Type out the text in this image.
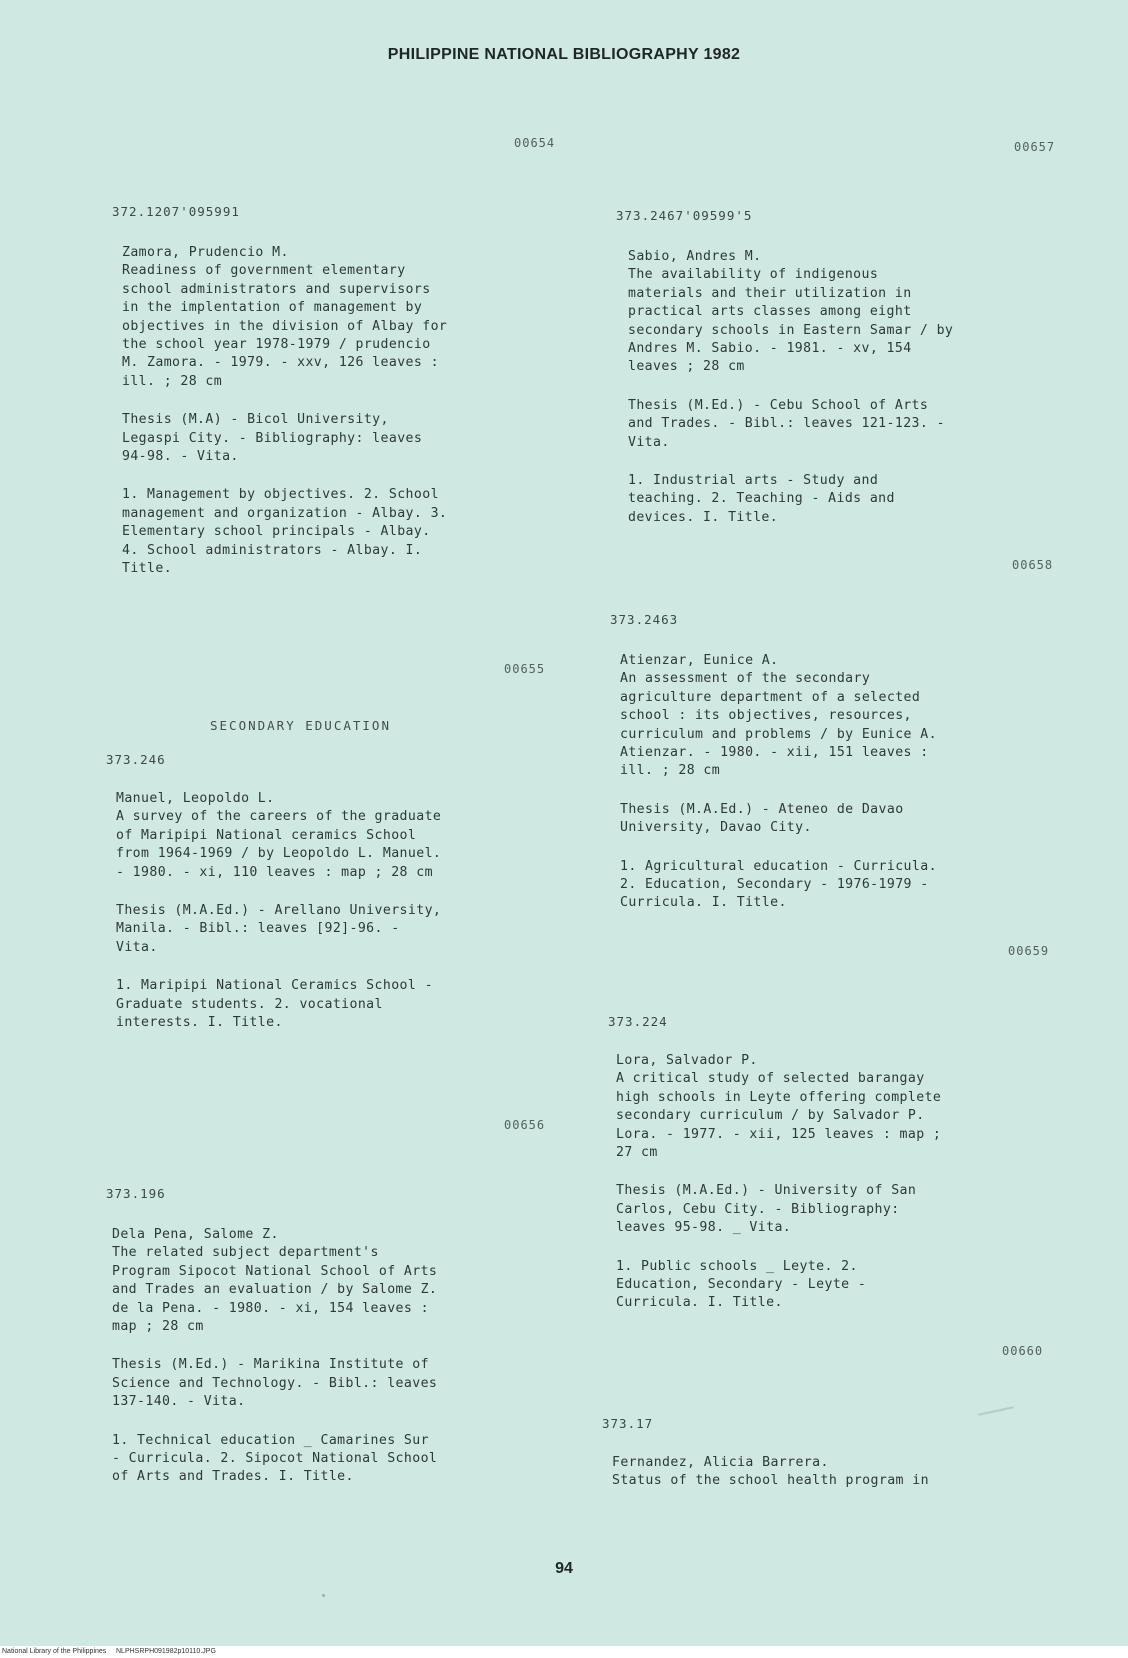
PHILIPPINE NATIONAL BIBLIOGRAPHY 1982
00654
372.1207'095991
Zamora, Prudencio M.
Readiness of government elementary
school administrators and supervisors
in the implentation of management by
objectives in the division of Albay for
the school year 1978-1979 / prudencio
M. Zamora. - 1979. - xxv, 126 leaves :
ill. ; 28 cm
Thesis (M.A) - Bicol University,
Legaspi City. - Bibliography: leaves
94-98. - Vita.
1. Management by objectives. 2. School
management and organization - Albay. 3.
Elementary school principals - Albay.
4. School administrators - Albay. I.
Title.
00655
SECONDARY EDUCATION
373.246
Manuel, Leopoldo L.
A survey of the careers of the graduate
of Maripipi National ceramics School
from 1964-1969 / by Leopoldo L. Manuel.
- 1980. - xi, 110 leaves : map ; 28 cm
Thesis (M.A.Ed.) - Arellano University,
Manila. - Bibl.: leaves [92]-96. -
Vita.
1. Maripipi National Ceramics School -
Graduate students. 2. vocational
interests. I. Title.
00656
373.196
Dela Pena, Salome Z.
The related subject department's
Program Sipocot National School of Arts
and Trades an evaluation / by Salome Z.
de la Pena. - 1980. - xi, 154 leaves :
map ; 28 cm
Thesis (M.Ed.) - Marikina Institute of
Science and Technology. - Bibl.: leaves
137-140. - Vita.
1. Technical education _ Camarines Sur
- Curricula. 2. Sipocot National School
of Arts and Trades. I. Title.
00657
373.2467'09599'5
Sabio, Andres M.
The availability of indigenous
materials and their utilization in
practical arts classes among eight
secondary schools in Eastern Samar / by
Andres M. Sabio. - 1981. - xv, 154
leaves ; 28 cm
Thesis (M.Ed.) - Cebu School of Arts
and Trades. - Bibl.: leaves 121-123. -
Vita.
1. Industrial arts - Study and
teaching. 2. Teaching - Aids and
devices. I. Title.
00658
373.2463
Atienzar, Eunice A.
An assessment of the secondary
agriculture department of a selected
school : its objectives, resources,
curriculum and problems / by Eunice A.
Atienzar. - 1980. - xii, 151 leaves :
ill. ; 28 cm
Thesis (M.A.Ed.) - Ateneo de Davao
University, Davao City.
1. Agricultural education - Curricula.
2. Education, Secondary - 1976-1979 -
Curricula. I. Title.
00659
373.224
Lora, Salvador P.
A critical study of selected barangay
high schools in Leyte offering complete
secondary curriculum / by Salvador P.
Lora. - 1977. - xii, 125 leaves : map ;
27 cm
Thesis (M.A.Ed.) - University of San
Carlos, Cebu City. - Bibliography:
leaves 95-98. _ Vita.
1. Public schools _ Leyte. 2.
Education, Secondary - Leyte -
Curricula. I. Title.
00660
373.17
Fernandez, Alicia Barrera.
Status of the school health program in
94
National Library of the Philippines     NLPHSRPH091982p10110.JPG
